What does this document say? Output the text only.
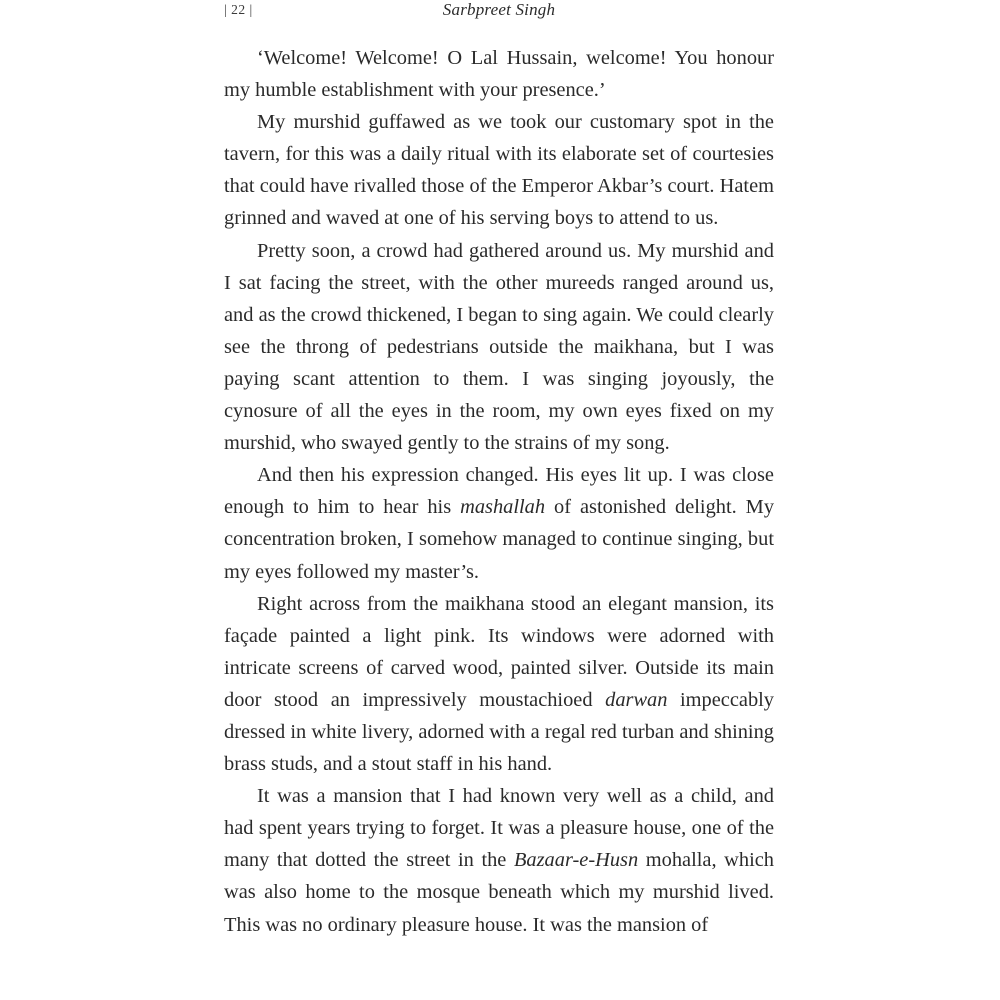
| 22 |	Sarbpreet Singh

‘Welcome! Welcome! O Lal Hussain, welcome! You honour my humble establishment with your presence.’

My murshid guffawed as we took our customary spot in the tavern, for this was a daily ritual with its elaborate set of courtesies that could have rivalled those of the Emperor Akbar’s court. Hatem grinned and waved at one of his serving boys to attend to us.

Pretty soon, a crowd had gathered around us. My murshid and I sat facing the street, with the other mureeds ranged around us, and as the crowd thickened, I began to sing again. We could clearly see the throng of pedestrians outside the maikhana, but I was paying scant attention to them. I was singing joyously, the cynosure of all the eyes in the room, my own eyes fixed on my murshid, who swayed gently to the strains of my song.

And then his expression changed. His eyes lit up. I was close enough to him to hear his mashallah of astonished delight. My concentration broken, I somehow managed to continue singing, but my eyes followed my master’s.

Right across from the maikhana stood an elegant mansion, its façade painted a light pink. Its windows were adorned with intricate screens of carved wood, painted silver. Outside its main door stood an impressively moustachioed darwan impeccably dressed in white livery, adorned with a regal red turban and shining brass studs, and a stout staff in his hand.

It was a mansion that I had known very well as a child, and had spent years trying to forget. It was a pleasure house, one of the many that dotted the street in the Bazaar-e-Husn mohalla, which was also home to the mosque beneath which my murshid lived. This was no ordinary pleasure house. It was the mansion of
